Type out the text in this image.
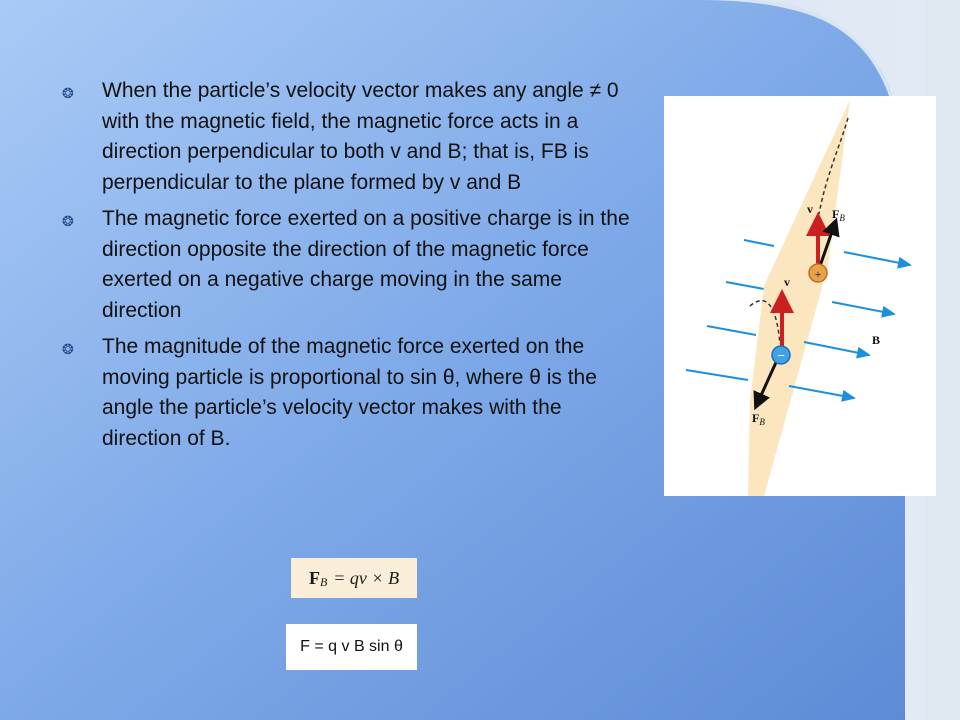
❂	When the particle’s velocity vector makes any angle ≠ 0 with the magnetic field, the magnetic force acts in a direction perpendicular to both v and B; that is, FB is perpendicular to the plane formed by v and B
❂	The magnetic force exerted on a positive charge is in the direction opposite the direction of the magnetic force exerted on a negative charge moving in the same direction
❂	The magnitude of the magnetic force exerted on the moving particle is proportional to sin θ, where θ is the angle the particle’s velocity vector makes with the direction of B.
+
−
v $F_B$
v
B
$F_B$
F B = qv × B
F = q v B sin θ
